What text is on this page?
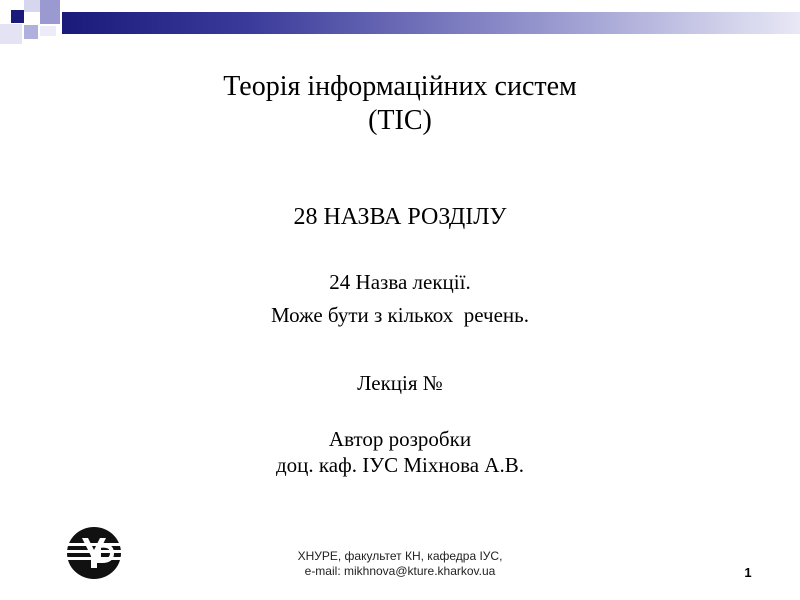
Теорія інформаційних систем
(ТІС)
28 НАЗВА РОЗДІЛУ
24 Назва лекції.
Може бути з кількох  речень.
Лекція №
Автор розробки
доц. каф. ІУС Міхнова А.В.
ХНУРЕ, факультет КН, кафедра ІУС,
e-mail: mikhnova@kture.kharkov.ua	1
